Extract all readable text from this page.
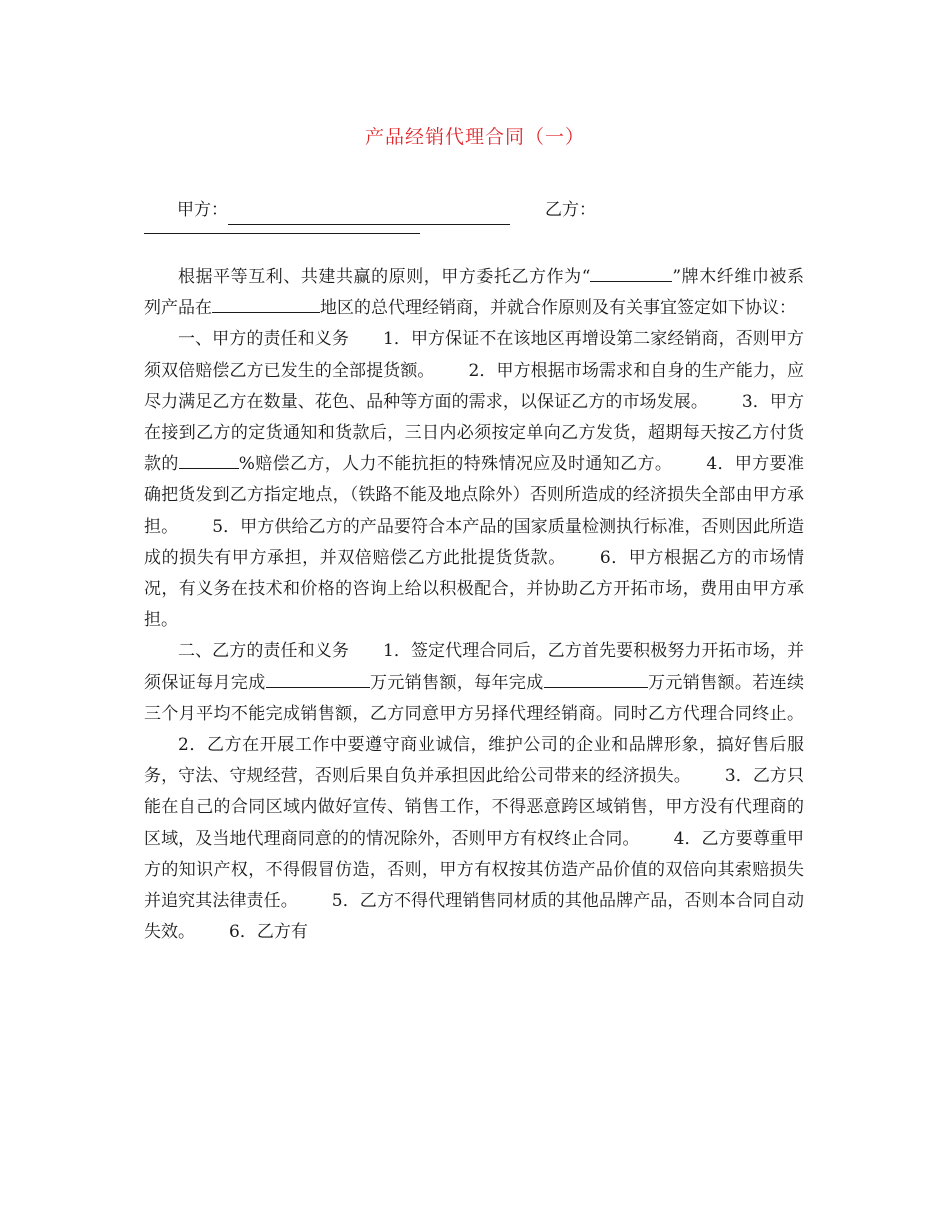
产品经销代理合同（一）
甲方：	乙方：

根据平等互利、共建共赢的原则，甲方委托乙方作为“	”牌木纤维巾被系列产品在	地区的总代理经销商，并就合作原则及有关事宜签定如下协议：

一、甲方的责任和义务 1．甲方保证不在该地区再增设第二家经销商，否则甲方须双倍赔偿乙方已发生的全部提货额。 2．甲方根据市场需求和自身的生产能力，应尽力满足乙方在数量、花色、品种等方面的需求，以保证乙方的市场发展。 3．甲方在接到乙方的定货通知和货款后，三日内必须按定单向乙方发货，超期每天按乙方付货款的	%赔偿乙方，人力不能抗拒的特殊情况应及时通知乙方。 4．甲方要准确把货发到乙方指定地点，（铁路不能及地点除外）否则所造成的经济损失全部由甲方承担。 5．甲方供给乙方的产品要符合本产品的国家质量检测执行标准，否则因此所造成的损失有甲方承担，并双倍赔偿乙方此批提货货款。 6．甲方根据乙方的市场情况，有义务在技术和价格的咨询上给以积极配合，并协助乙方开拓市场，费用由甲方承担。

二、乙方的责任和义务 1．签定代理合同后，乙方首先要积极努力开拓市场，并须保证每月完成	万元销售额，每年完成	万元销售额。若连续三个月平均不能完成销售额，乙方同意甲方另择代理经销商。同时乙方代理合同终止。2．乙方在开展工作中要遵守商业诚信，维护公司的企业和品牌形象，搞好售后服务，守法、守规经营，否则后果自负并承担因此给公司带来的经济损失。 3．乙方只能在自己的合同区域内做好宣传、销售工作，不得恶意跨区域销售，甲方没有代理商的区域，及当地代理商同意的的情况除外，否则甲方有权终止合同。 4．乙方要尊重甲方的知识产权，不得假冒仿造，否则，甲方有权按其仿造产品价值的双倍向其索赔损失并追究其法律责任。 5．乙方不得代理销售同材质的其他品牌产品，否则本合同自动失效。 6．乙方有
